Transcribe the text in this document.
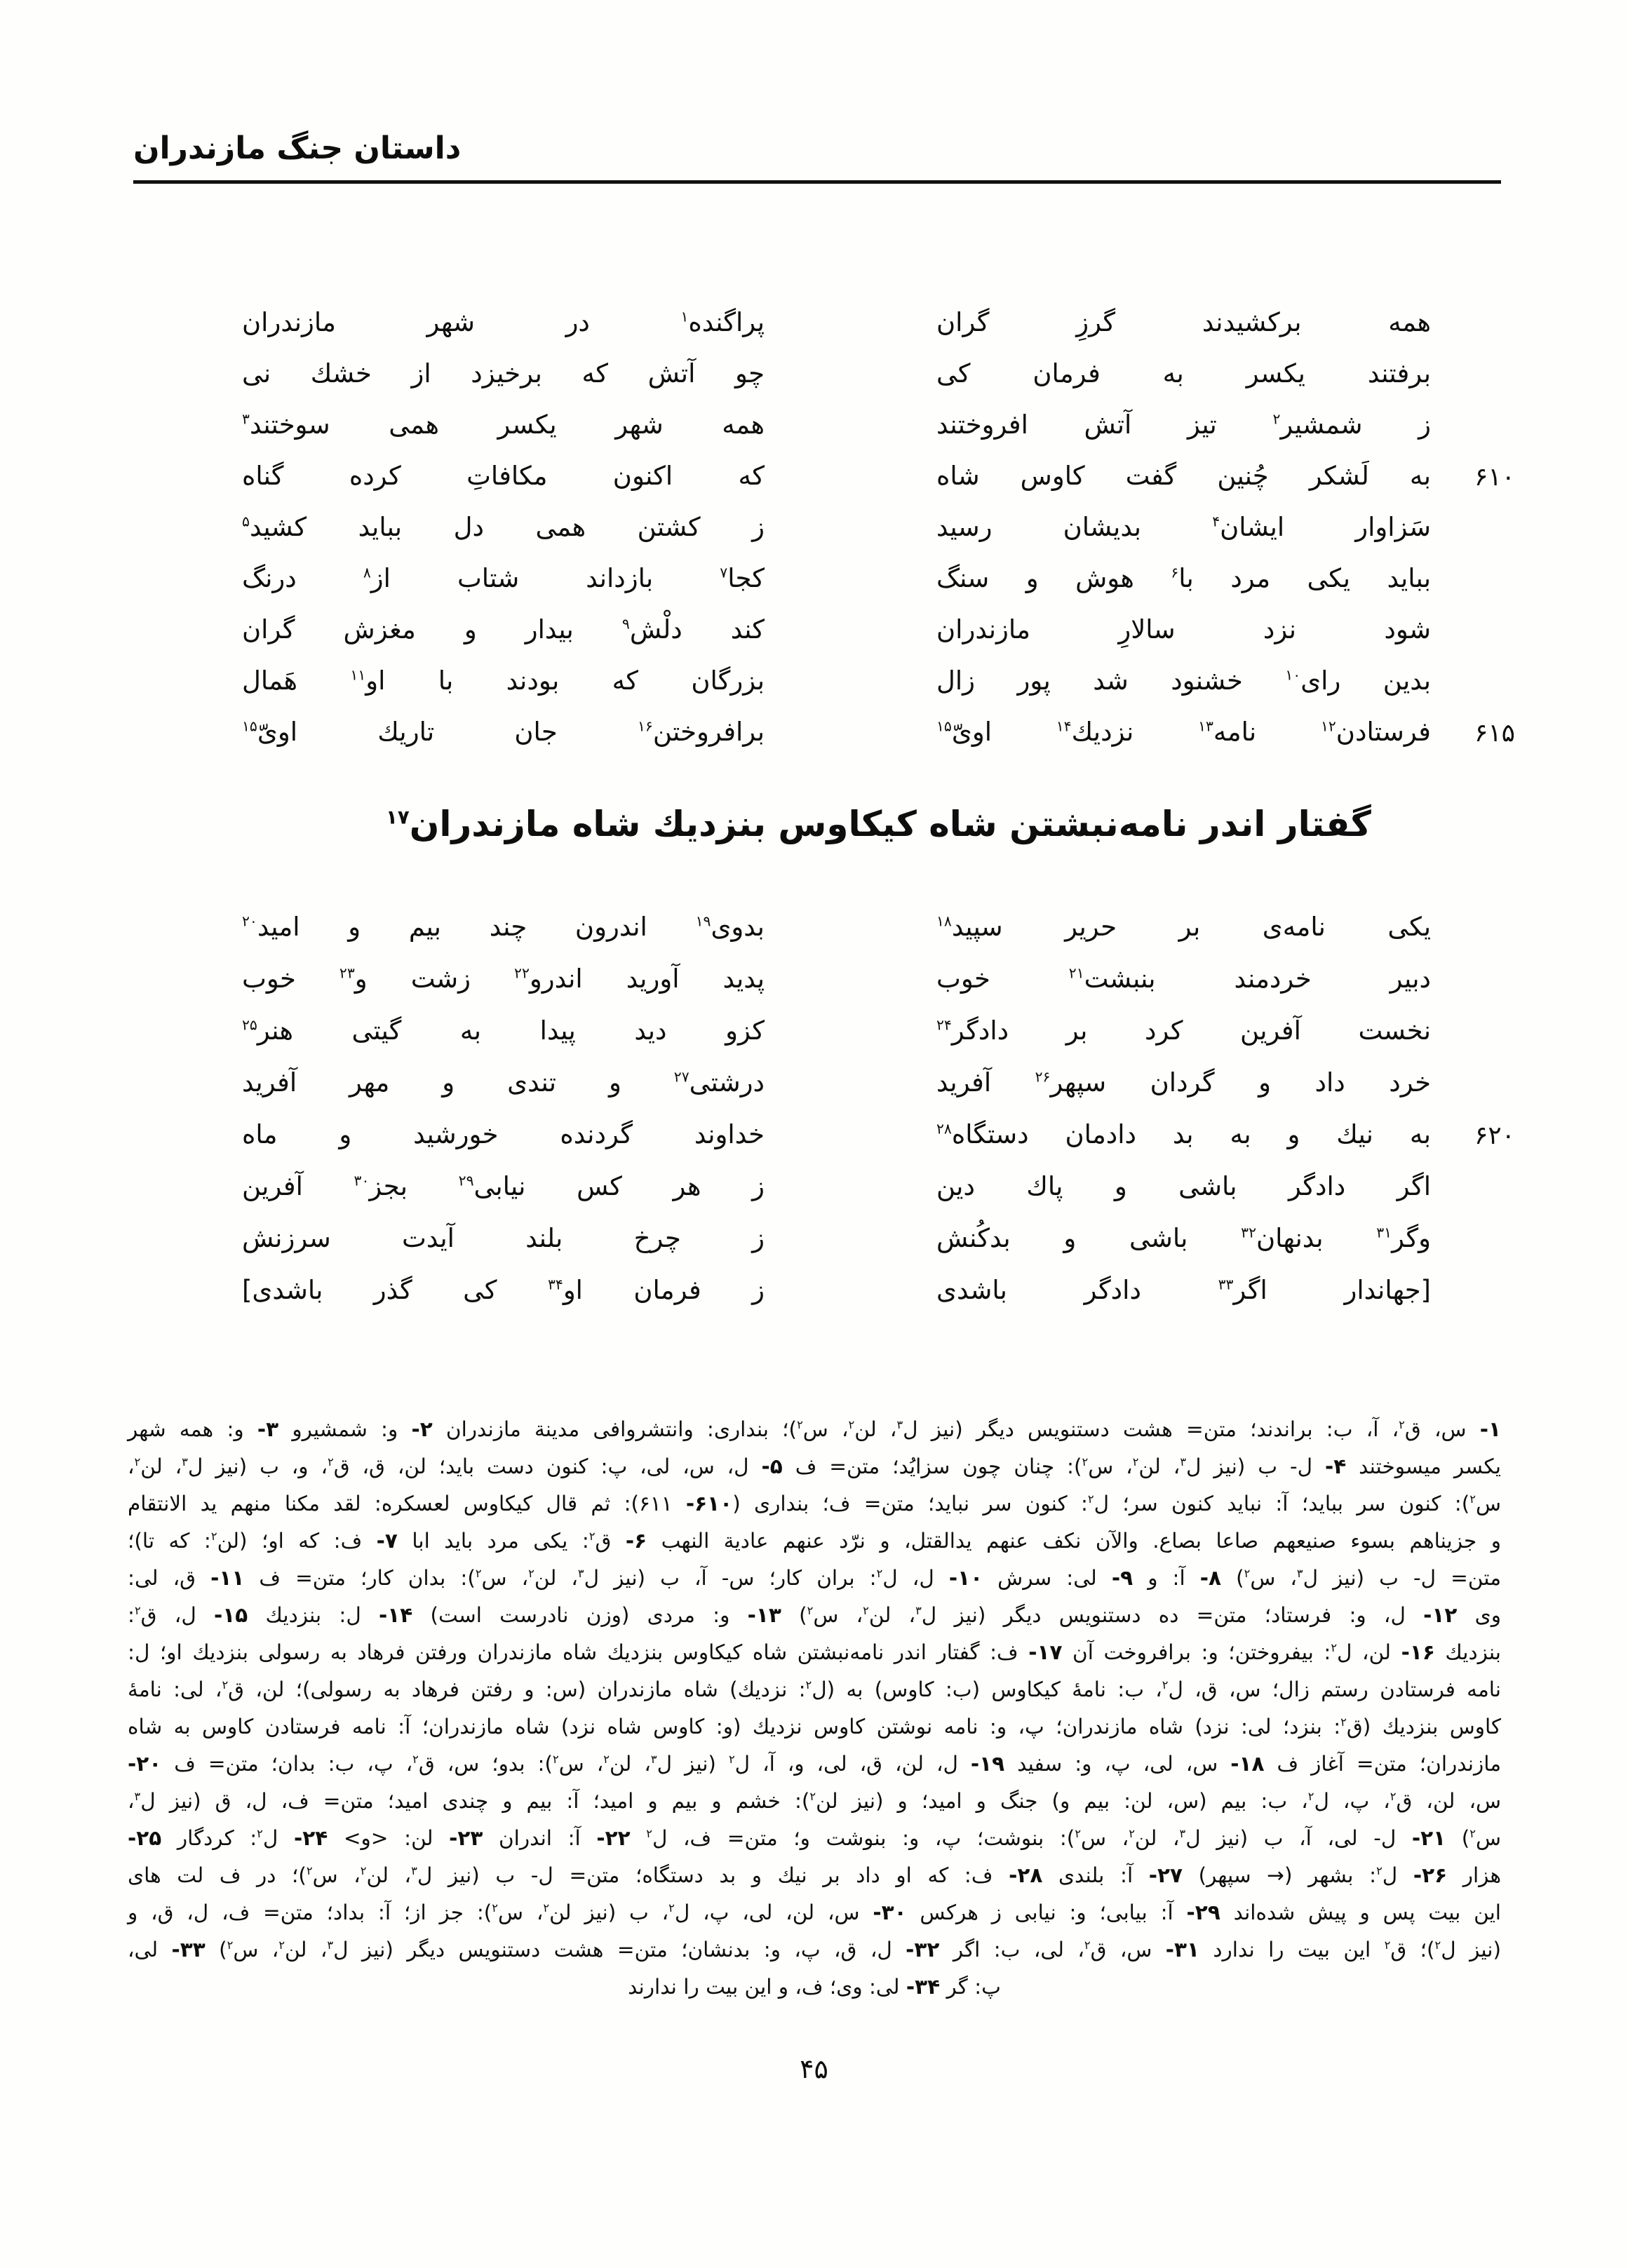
داستان جنگ مازندران
همه برکشیدند گرزِ گران
پراگنده$^۱$ در شهر مازندران
برفتند یکسر به فرمان کی
چو آتش که برخیزد از خشك نی
ز شمشیر$^۲$ تیز آتش افروختند
همه شهر یکسر همی سوختند$^۳$
۶۱۰
به لَشکر چُنین گفت کاوس شاه
که اکنون مکافاتِ کرده گناه
سَزاوار ایشان$^۴$ بدیشان رسید
ز کشتن همی دل بباید کشید$^۵$
بباید یکی مرد با$^۶$ هوش و سنگ
کجا$^۷$ بازداند شتاب از$^۸$ درنگ
شود نزد سالارِ مازندران
کند دلْش$^۹$ بیدار و مغزش گران
بدین رای$^{۱۰}$ خشنود شد پور زال
بزرگان که بودند با او$^{۱۱}$ هَمال
۶۱۵
فرستادن$^{۱۲}$ نامه$^{۱۳}$ نزدیك$^{۱۴}$ اویّ$^{۱۵}$
برافروختن$^{۱۶}$ جان تاریك اویّ$^{۱۵}$
گفتار اندر نامه‌نبشتن شاه کیکاوس بنزدیك شاه مازندران$^{۱۷}$
یکی نامه‌ی بر حریر سپید$^{۱۸}$
بدوی$^{۱۹}$ اندرون چند بیم و امید$^{۲۰}$
دبیر خردمند بنبشت$^{۲۱}$ خوب
پدید آورید اندرو$^{۲۲}$ زشت و$^{۲۳}$ خوب
نخست آفرین کرد بر دادگر$^{۲۴}$
کزو دید پیدا به گیتی هنر$^{۲۵}$
خرد داد و گردان سپهر$^{۲۶}$ آفرید
درشتی$^{۲۷}$ و تندی و مهر آفرید
۶۲۰
به نیك و به بد دادمان دستگاه$^{۲۸}$
خداوند گردنده خورشید و ماه
اگر دادگر باشی و پاك دین
ز هر کس نیابی$^{۲۹}$ بجز$^{۳۰}$ آفرین
وگر$^{۳۱}$ بدنهان$^{۳۲}$ باشی و بدکُنش
ز چرخ بلند آیدت سرزنش
[جهاندار اگر$^{۳۳}$ دادگر باشدی
ز فرمان او$^{۳۴}$ کی گذر باشدی]
۱- س، ق$^۲$، آ، ب: براندند؛ متن= هشت دستنویس دیگر (نیز ل$^۳$، لن$^۲$، س$^۲$)؛ بنداری: وانتشروافی مدینة مازندران ۲- و: شمشیرو ۳- و: همه شهر
یکسر میسوختند ۴- ل- ب (نیز ل$^۳$، لن$^۲$، س$^۲$): چنان چون سزایُد؛ متن= ف ۵- ل، س، لی، پ: کنون دست باید؛ لن، ق، ق$^۲$، و، ب (نیز ل$^۳$، لن$^۲$،
س$^۲$): کنون سر بباید؛ آ: نباید کنون سر؛ ل$^۲$: کنون سر نباید؛ متن= ف؛ بنداری (۶۱۰- ۶۱۱): ثم قال کیکاوس لعسکره: لقد مکنا منهم ید الانتقام
و جزیناهم بسوء صنیعهم صاعا بصاع. والآن نکف عنهم یدالقتل، و نرّد عنهم عادیة النهب ۶- ق$^۲$: یکی مرد باید ابا ۷- ف: که او؛ (لن$^۲$: که تا)؛
متن= ل- ب (نیز ل$^۳$، س$^۲$) ۸- آ: و ۹- لی: سرش ۱۰- ل، ل$^۲$: بران کار؛ س- آ، ب (نیز ل$^۳$، لن$^۲$، س$^۲$): بدان کار؛ متن= ف ۱۱- ق، لی:
وی ۱۲- ل، و: فرستاد؛ متن= ده دستنویس دیگر (نیز ل$^۳$، لن$^۲$، س$^۲$) ۱۳- و: مردی (وزن نادرست است) ۱۴- ل: بنزدیك ۱۵- ل، ق$^۲$:
بنزدیك ۱۶- لن، ل$^۲$: بیفروختن؛ و: برافروخت آن ۱۷- ف: گفتار اندر نامه‌نبشتن شاه کیکاوس بنزدیك شاه مازندران ورفتن فرهاد به رسولی بنزدیك او؛ ل:
نامه فرستادن رستم زال؛ س، ق، ل$^۲$، ب: نامهٔ کیکاوس (ب: کاوس) به (ل$^۲$: نزدیك) شاه مازندران (س: و رفتن فرهاد به رسولی)؛ لن، ق$^۲$، لی: نامهٔ
کاوس بنزدیك (ق$^۲$: بنزد؛ لی: نزد) شاه مازندران؛ پ، و: نامه نوشتن کاوس نزدیك (و: کاوس شاه نزد) شاه مازندران؛ آ: نامه فرستادن کاوس به شاه
مازندران؛ متن= آغاز ف ۱۸- س، لی، پ، و: سفید ۱۹- ل، لن، ق، لی، و، آ، ل$^۲$ (نیز ل$^۳$، لن$^۲$، س$^۲$): بدو؛ س، ق$^۲$، پ، ب: بدان؛ متن= ف ۲۰-
س، لن، ق$^۲$، پ، ل$^۲$، ب: بیم (س، لن: بیم و) جنگ و امید؛ و (نیز لن$^۲$): خشم و بیم و امید؛ آ: بیم و چندی امید؛ متن= ف، ل، ق (نیز ل$^۳$،
س$^۲$) ۲۱- ل- لی، آ، ب (نیز ل$^۳$، لن$^۲$، س$^۲$): بنوشت؛ پ، و: بنوشت و؛ متن= ف، ل$^۲$ ۲۲- آ: اندران ۲۳- لن: <و> ۲۴- ل$^۲$: کردگار ۲۵-
هزار ۲۶- ل$^۲$: بشهر (→ سپهر) ۲۷- آ: بلندی ۲۸- ف: که او داد بر نیك و بد دستگاه؛ متن= ل- ب (نیز ل$^۳$، لن$^۲$، س$^۲$)؛ در ف لت های
این بیت پس و پیش شده‌اند ۲۹- آ: بیابی؛ و: نیابی ز هرکس ۳۰- س، لن، لی، پ، ل$^۲$، ب (نیز لن$^۲$، س$^۲$): جز از؛ آ: بداد؛ متن= ف، ل، ق، و
(نیز ل$^۲$)؛ ق$^۲$ این بیت را ندارد ۳۱- س، ق$^۲$، لی، ب: اگر ۳۲- ل، ق، پ، و: بدنشان؛ متن= هشت دستنویس دیگر (نیز ل$^۳$، لن$^۲$، س$^۲$) ۳۳- لی،
پ: گر ۳۴- لی: وی؛ ف، و این بیت را ندارند
۴۵
